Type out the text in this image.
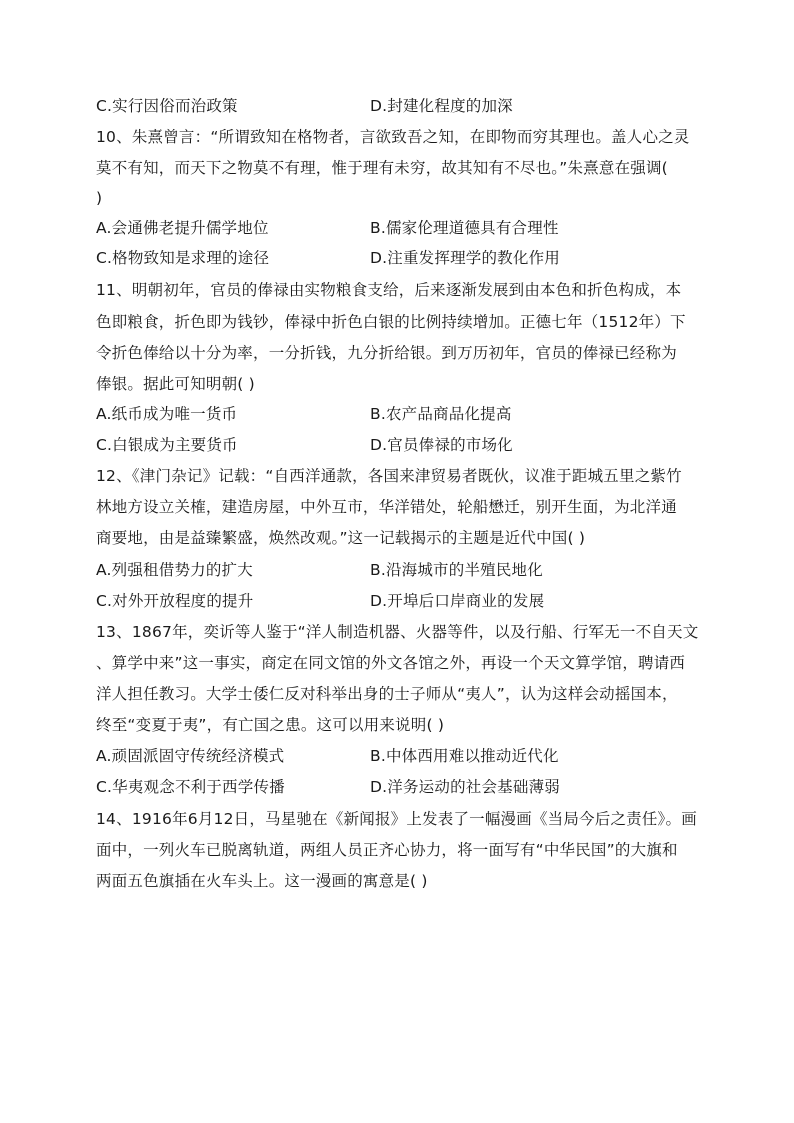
C.实行因俗而治政策	D.封建化程度的加深
10、朱熹曾言：“所谓致知在格物者，言欲致吾之知，在即物而穷其理也。盖人心之灵
莫不有知，而天下之物莫不有理，惟于理有未穷，故其知有不尽也。”朱熹意在强调(
)
A.会通佛老提升儒学地位	B.儒家伦理道德具有合理性
C.格物致知是求理的途径	D.注重发挥理学的教化作用
11、明朝初年，官员的俸禄由实物粮食支给，后来逐渐发展到由本色和折色构成，本
色即粮食，折色即为钱钞，俸禄中折色白银的比例持续增加。正德七年（1512年）下
令折色俸给以十分为率，一分折钱，九分折给银。到万历初年，官员的俸禄已经称为
俸银。据此可知明朝( )
A.纸币成为唯一货币	B.农产品商品化提高
C.白银成为主要货币	D.官员俸禄的市场化
12、《津门杂记》记载：“自西洋通款，各国来津贸易者既伙，议准于距城五里之紫竹
林地方设立关榷，建造房屋，中外互市，华洋错处，轮船懋迁，别开生面，为北洋通
商要地，由是益臻繁盛，焕然改观。”这一记载揭示的主题是近代中国( )
A.列强租借势力的扩大	B.沿海城市的半殖民地化
C.对外开放程度的提升	D.开埠后口岸商业的发展
13、1867年，奕䜣等人鉴于“洋人制造机器、火器等件，以及行船、行军无一不自天文
、算学中来”这一事实，商定在同文馆的外文各馆之外，再设一个天文算学馆，聘请西
洋人担任教习。大学士倭仁反对科举出身的士子师从“夷人”，认为这样会动摇国本，
终至“变夏于夷”，有亡国之患。这可以用来说明( )
A.顽固派固守传统经济模式	B.中体西用难以推动近代化
C.华夷观念不利于西学传播	D.洋务运动的社会基础薄弱
14、1916年6月12日，马星驰在《新闻报》上发表了一幅漫画《当局今后之责任》。画
面中，一列火车已脱离轨道，两组人员正齐心协力，将一面写有“中华民国”的大旗和
两面五色旗插在火车头上。这一漫画的寓意是( )
